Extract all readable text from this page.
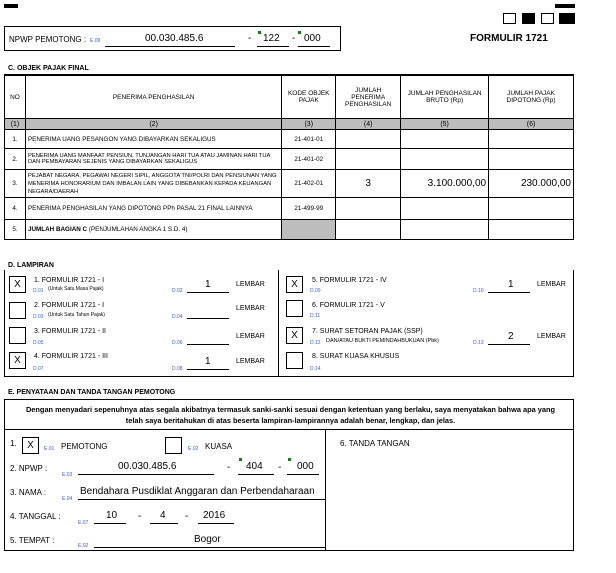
NPWP PEMOTONG : E.09	00.030.485.6	- 122 - 000	FORMULIR 1721
C. OBJEK PAJAK FINAL
NO	PENERIMA PENGHASILAN	KODE OBJEK PAJAK	JUMLAH PENERIMA PENGHASILAN	JUMLAH PENGHASILAN BRUTO (Rp)	JUMLAH PAJAK DIPOTONG (Rp)
(1)	(2)	(3)	(4)	(5)	(6)
1.	PENERIMA UANG PESANGON YANG DIBAYARKAN SEKALIGUS	21-401-01			
2.	PENERIMA UANG MANFAAT PENSIUN, TUNJANGAN HARI TUA ATAU JAMINAN HARI TUA DAN PEMBAYARAN SEJENIS YANG DIBAYARKAN SEKALIGUS	21-401-02			
3.	PEJABAT NEGARA, PEGAWAI NEGERI SIPIL, ANGGOTA TNI/POLRI DAN PENSIUNAN YANG MENERIMA HONORARIUM DAN IMBALAN LAIN YANG DIBEBANKAN KEPADA KEUANGAN NEGARA/DAERAH	21-402-01	3	3.100.000,00	230.000,00
4.	PENERIMA PENGHASILAN YANG DIPOTONG PPh PASAL 21 FINAL LAINNYA	21-499-99			
5.	JUMLAH BAGIAN C (PENJUMLAHAN ANGKA 1 S.D. 4)				
D. LAMPIRAN
X	1. FORMULIR 1721 - I
(Untuk Satu Masa Pajak)
D.01	D.02
1	LEMBAR
2. FORMULIR 1721 - I
(Untuk Satu Tahun Pajak)
D.03	D.04
LEMBAR
3. FORMULIR 1721 - II
D.05	D.06
LEMBAR
X	4. FORMULIR 1721 - III
D.07	D.08
1	LEMBAR
X	5. FORMULIR 1721 - IV
D.09	D.10
1	LEMBAR
6. FORMULIR 1721 - V
D.11
X	7. SURAT SETORAN PAJAK (SSP)
DAN/ATAU BUKTI PEMINDAHBUKUAN (Pbk)
D.12	D.13
2	LEMBAR
8. SURAT KUASA KHUSUS
D.14
E. PENYATAAN DAN TANDA TANGAN PEMOTONG
Dengan menyadari sepenuhnya atas segala akibatnya termasuk sanki-sanki sesuai dengan ketentuan yang berlaku, saya menyatakan bahwa apa yang telah saya beritahukan di atas beserta lampiran-lampirannya adalah benar, lengkap, dan jelas.
1.	X	E.01 PEMOTONG	E.02 KUASA
2. NPWP :
E.03
00.030.485.6	- 404 - 000
3. NAMA :
E.04
Bendahara Pusdiklat Anggaran dan Perbendaharaan
4. TANGGAL :
E.07
10 - 4 - 2016
5. TEMPAT :
E.02
Bogor
6. TANDA TANGAN
